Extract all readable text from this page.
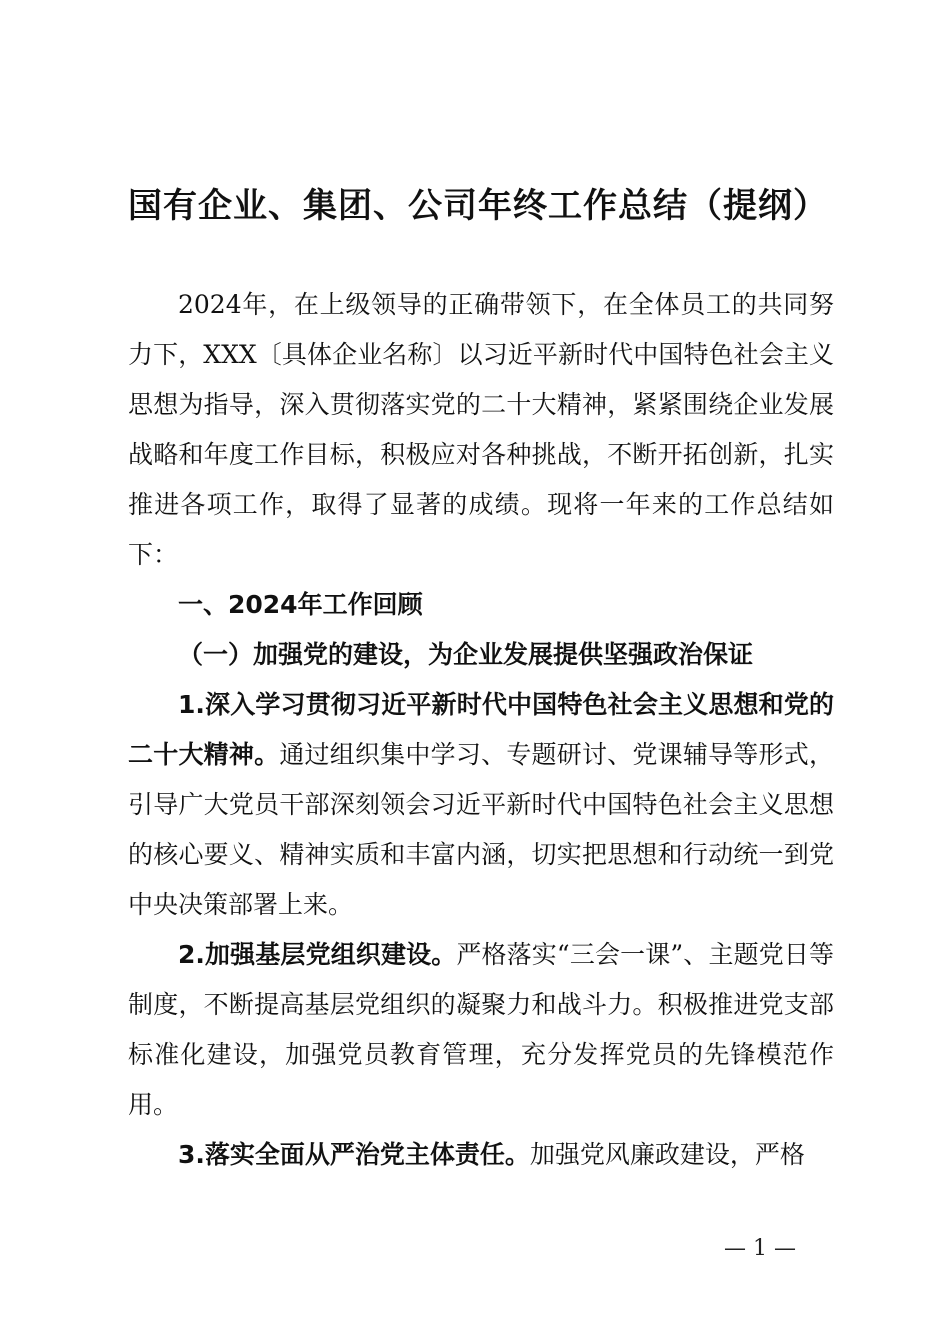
国有企业、集团、公司年终工作总结（提纲）

2024年，在上级领导的正确带领下，在全体员工的共同努力下，XXX〔具体企业名称〕以习近平新时代中国特色社会主义思想为指导，深入贯彻落实党的二十大精神，紧紧围绕企业发展战略和年度工作目标，积极应对各种挑战，不断开拓创新，扎实推进各项工作，取得了显著的成绩。现将一年来的工作总结如下：

一、2024年工作回顾

（一）加强党的建设，为企业发展提供坚强政治保证

1.深入学习贯彻习近平新时代中国特色社会主义思想和党的二十大精神。通过组织集中学习、专题研讨、党课辅导等形式，引导广大党员干部深刻领会习近平新时代中国特色社会主义思想的核心要义、精神实质和丰富内涵，切实把思想和行动统一到党中央决策部署上来。

2.加强基层党组织建设。严格落实“三会一课”、主题党日等制度，不断提高基层党组织的凝聚力和战斗力。积极推进党支部标准化建设，加强党员教育管理，充分发挥党员的先锋模范作用。

3.落实全面从严治党主体责任。加强党风廉政建设，严格

— 1 —
